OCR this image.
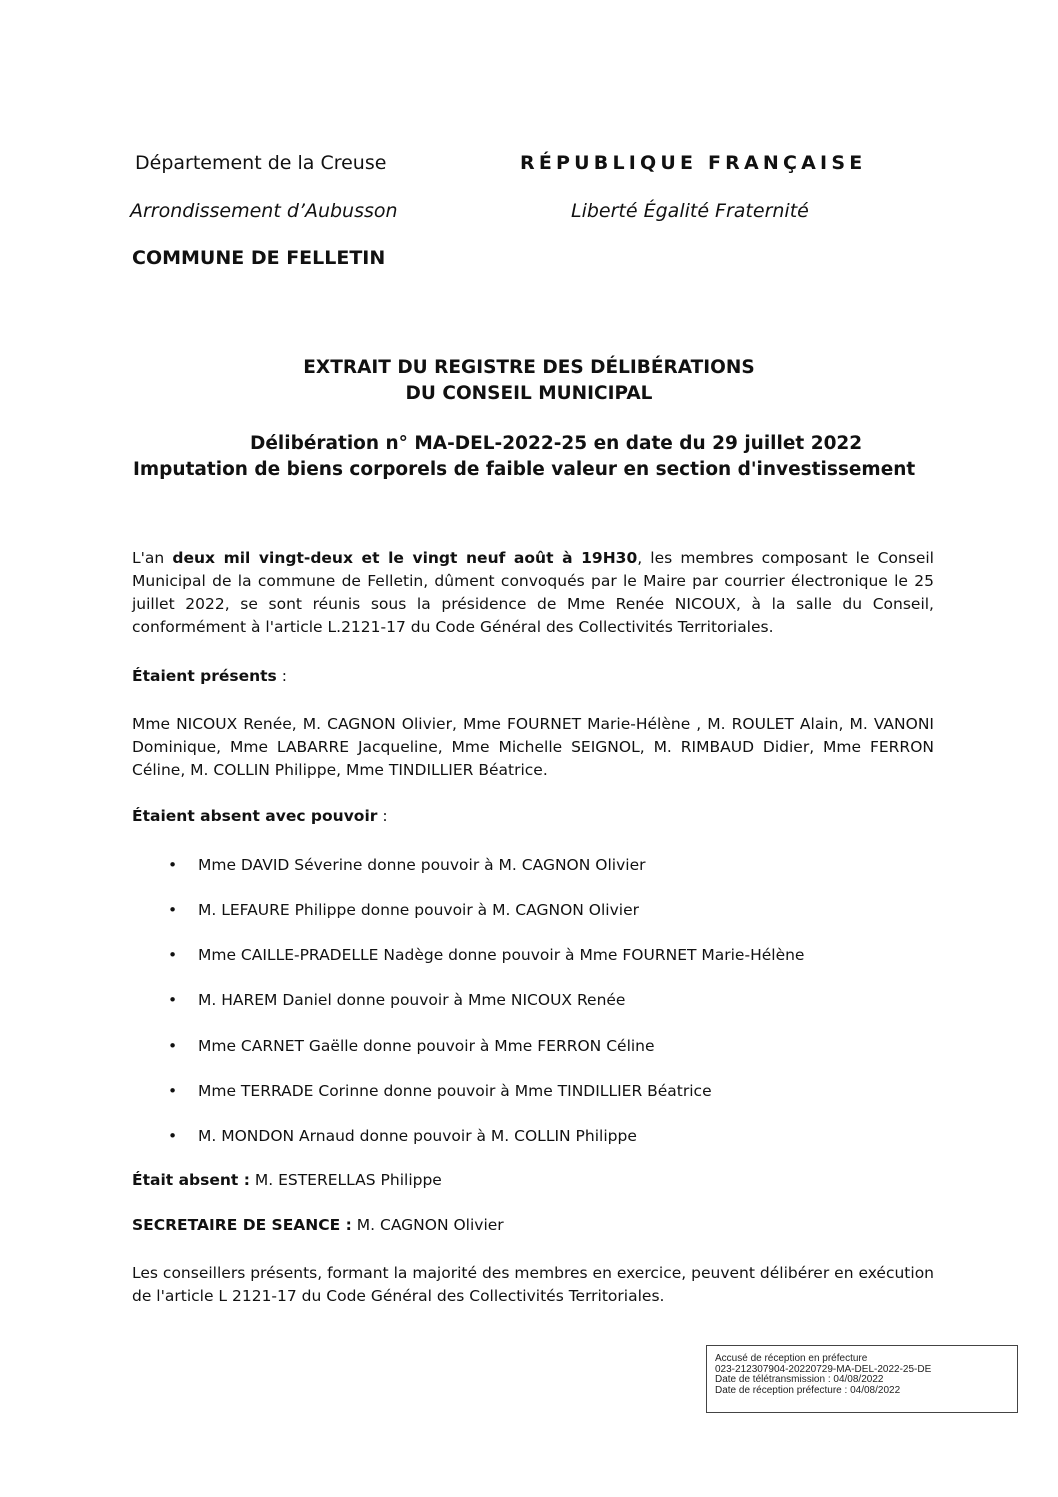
Département de la Creuse
Arrondissement d’Aubusson
COMMUNE DE FELLETIN
RÉPUBLIQUE FRANÇAISE
Liberté Égalité Fraternité
EXTRAIT DU REGISTRE DES DÉLIBÉRATIONS
DU CONSEIL MUNICIPAL
Délibération n° MA-DEL-2022-25 en date du 29 juillet 2022
Imputation de biens corporels de faible valeur en section d'investissement
L'an deux mil vingt-deux et le vingt neuf août à 19H30, les membres composant le Conseil Municipal de la commune de Felletin, dûment convoqués par le Maire par courrier électronique le 25 juillet 2022, se sont réunis sous la présidence de Mme Renée NICOUX, à la salle du Conseil, conformément à l'article L.2121-17 du Code Général des Collectivités Territoriales.
Étaient présents :
Mme NICOUX Renée, M. CAGNON Olivier, Mme FOURNET Marie-Hélène , M. ROULET Alain, M. VANONI Dominique, Mme LABARRE Jacqueline, Mme Michelle SEIGNOL, M. RIMBAUD Didier, Mme FERRON Céline, M. COLLIN Philippe, Mme TINDILLIER Béatrice.
Étaient absent avec pouvoir :
• Mme DAVID Séverine donne pouvoir à M. CAGNON Olivier
• M. LEFAURE Philippe donne pouvoir à M. CAGNON Olivier
• Mme CAILLE-PRADELLE Nadège donne pouvoir à Mme FOURNET Marie-Hélène
• M. HAREM Daniel donne pouvoir à Mme NICOUX Renée
• Mme CARNET Gaëlle donne pouvoir à Mme FERRON Céline
• Mme TERRADE Corinne donne pouvoir à Mme TINDILLIER Béatrice
• M. MONDON Arnaud donne pouvoir à M. COLLIN Philippe
Était absent : M. ESTERELLAS Philippe
SECRETAIRE DE SEANCE : M. CAGNON Olivier
Les conseillers présents, formant la majorité des membres en exercice, peuvent délibérer en exécution de l'article L 2121-17 du Code Général des Collectivités Territoriales.
Accusé de réception en préfecture
023-212307904-20220729-MA-DEL-2022-25-DE
Date de télétransmission : 04/08/2022
Date de réception préfecture : 04/08/2022
